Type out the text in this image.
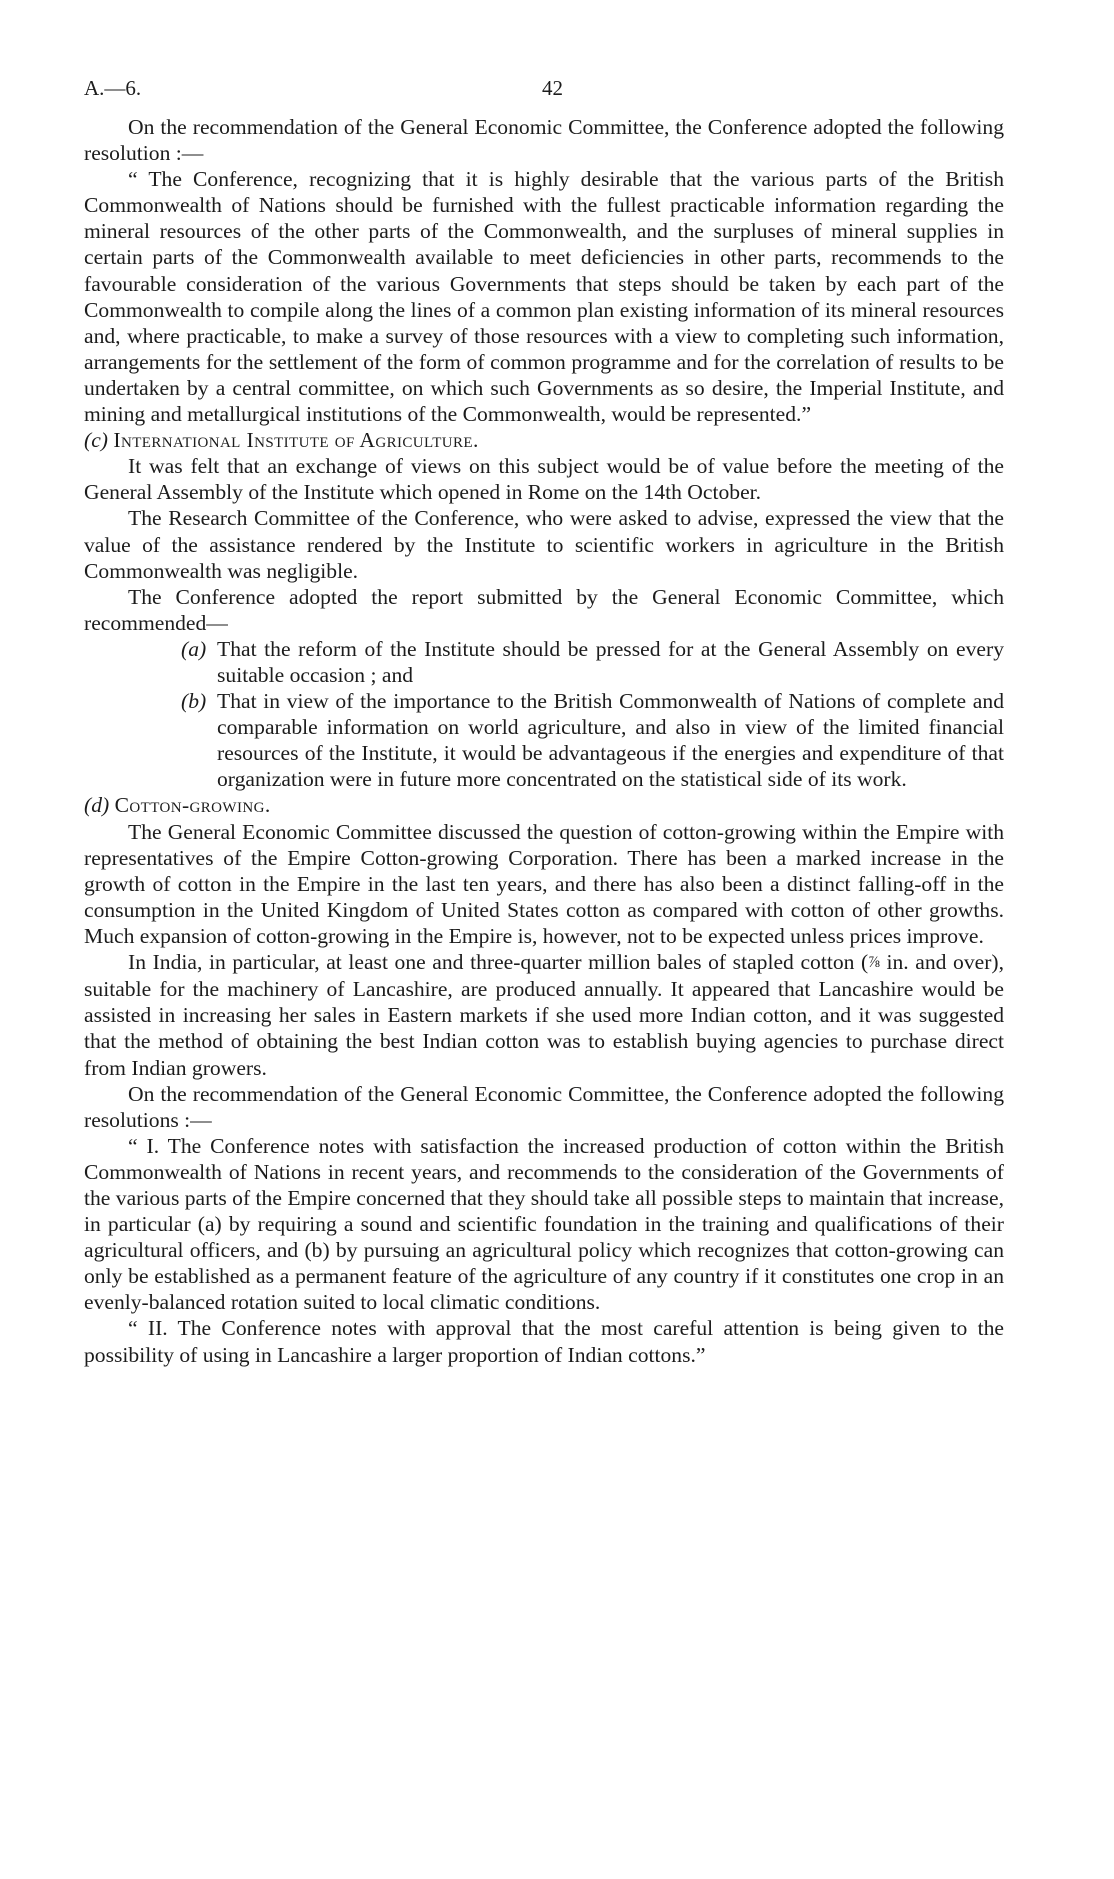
A.—6.	42

On the recommendation of the General Economic Committee, the Conference adopted the following resolution :—

“ The Conference, recognizing that it is highly desirable that the various parts of the British Commonwealth of Nations should be furnished with the fullest practicable information regarding the mineral resources of the other parts of the Commonwealth, and the surpluses of mineral supplies in certain parts of the Commonwealth available to meet deficiencies in other parts, recommends to the favourable consideration of the various Governments that steps should be taken by each part of the Commonwealth to compile along the lines of a common plan existing information of its mineral resources and, where practicable, to make a survey of those resources with a view to completing such information, arrangements for the settlement of the form of common programme and for the correlation of results to be undertaken by a central committee, on which such Governments as so desire, the Imperial Institute, and mining and metallurgical institutions of the Commonwealth, would be represented.”

(c) International Institute of Agriculture.

It was felt that an exchange of views on this subject would be of value before the meeting of the General Assembly of the Institute which opened in Rome on the 14th October.

The Research Committee of the Conference, who were asked to advise, expressed the view that the value of the assistance rendered by the Institute to scientific workers in agriculture in the British Commonwealth was negligible.

The Conference adopted the report submitted by the General Economic Committee, which recommended—

(a) That the reform of the Institute should be pressed for at the General Assembly on every suitable occasion ; and
(b) That in view of the importance to the British Commonwealth of Nations of complete and comparable information on world agriculture, and also in view of the limited financial resources of the Institute, it would be advantageous if the energies and expenditure of that organization were in future more concentrated on the statistical side of its work.

(d) Cotton-growing.

The General Economic Committee discussed the question of cotton-growing within the Empire with representatives of the Empire Cotton-growing Corporation. There has been a marked increase in the growth of cotton in the Empire in the last ten years, and there has also been a distinct falling-off in the consumption in the United Kingdom of United States cotton as compared with cotton of other growths. Much expansion of cotton-growing in the Empire is, however, not to be expected unless prices improve.

In India, in particular, at least one and three-quarter million bales of stapled cotton (⅞ in. and over), suitable for the machinery of Lancashire, are produced annually. It appeared that Lancashire would be assisted in increasing her sales in Eastern markets if she used more Indian cotton, and it was suggested that the method of obtaining the best Indian cotton was to establish buying agencies to purchase direct from Indian growers.

On the recommendation of the General Economic Committee, the Conference adopted the following resolutions :—

“ I. The Conference notes with satisfaction the increased production of cotton within the British Commonwealth of Nations in recent years, and recommends to the consideration of the Governments of the various parts of the Empire concerned that they should take all possible steps to maintain that increase, in particular (a) by requiring a sound and scientific foundation in the training and qualifications of their agricultural officers, and (b) by pursuing an agricultural policy which recognizes that cotton-growing can only be established as a permanent feature of the agriculture of any country if it constitutes one crop in an evenly-balanced rotation suited to local climatic conditions.

“ II. The Conference notes with approval that the most careful attention is being given to the possibility of using in Lancashire a larger proportion of Indian cottons.”
